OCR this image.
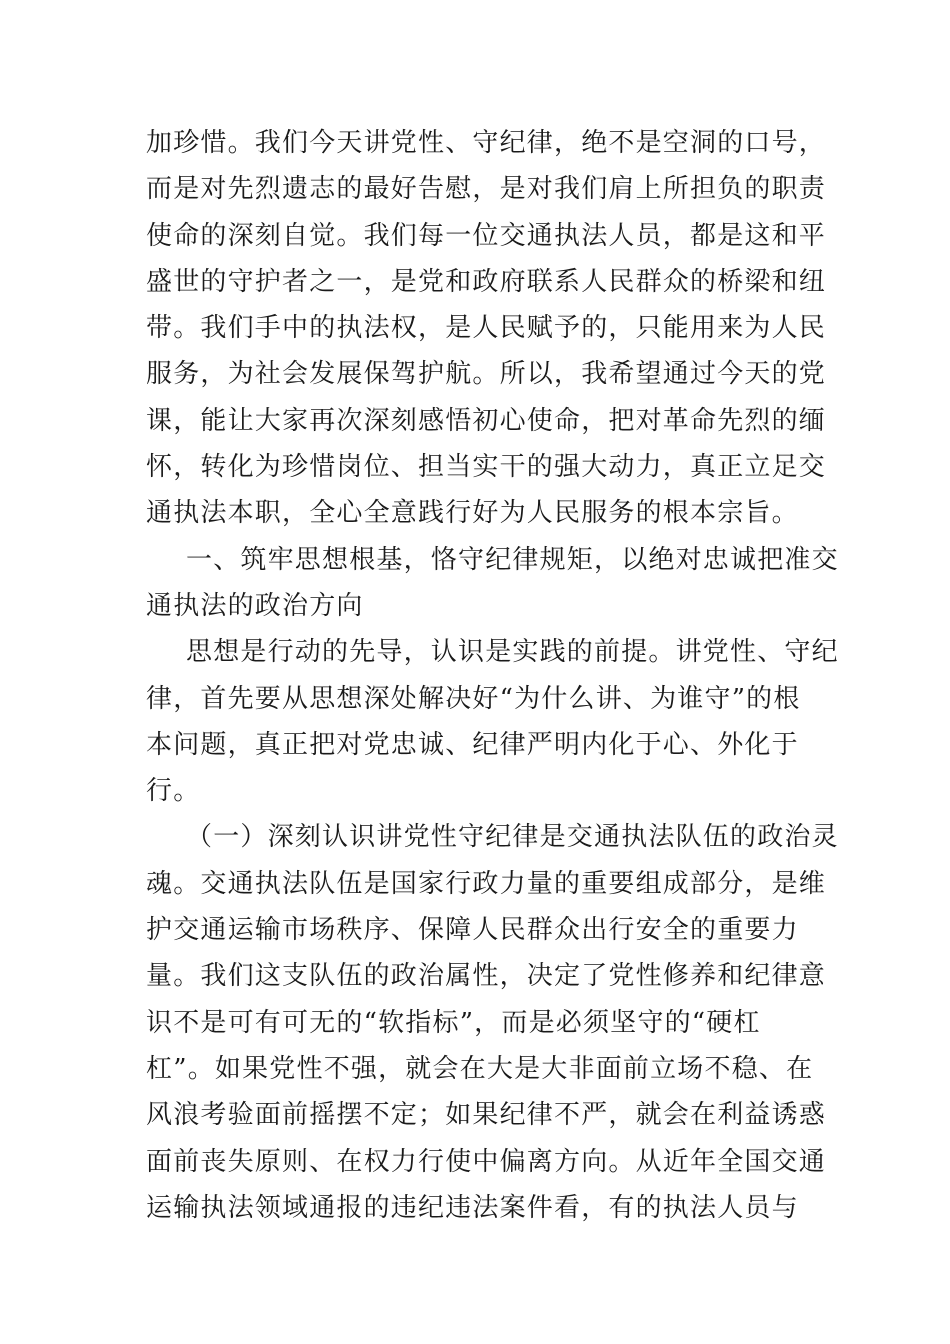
加珍惜。我们今天讲党性、守纪律，绝不是空洞的口号，
而是对先烈遗志的最好告慰，是对我们肩上所担负的职责
使命的深刻自觉。我们每一位交通执法人员，都是这和平
盛世的守护者之一，是党和政府联系人民群众的桥梁和纽
带。我们手中的执法权，是人民赋予的，只能用来为人民
服务，为社会发展保驾护航。所以，我希望通过今天的党
课，能让大家再次深刻感悟初心使命，把对革命先烈的缅
怀，转化为珍惜岗位、担当实干的强大动力，真正立足交
通执法本职，全心全意践行好为人民服务的根本宗旨。
一、筑牢思想根基，恪守纪律规矩，以绝对忠诚把准交
通执法的政治方向
思想是行动的先导，认识是实践的前提。讲党性、守纪
律，首先要从思想深处解决好“为什么讲、为谁守”的根
本问题，真正把对党忠诚、纪律严明内化于心、外化于
行。
（一）深刻认识讲党性守纪律是交通执法队伍的政治灵
魂。交通执法队伍是国家行政力量的重要组成部分，是维
护交通运输市场秩序、保障人民群众出行安全的重要力
量。我们这支队伍的政治属性，决定了党性修养和纪律意
识不是可有可无的“软指标”，而是必须坚守的“硬杠
杠”。如果党性不强，就会在大是大非面前立场不稳、在
风浪考验面前摇摆不定；如果纪律不严，就会在利益诱惑
面前丧失原则、在权力行使中偏离方向。从近年全国交通
运输执法领域通报的违纪违法案件看，有的执法人员与
